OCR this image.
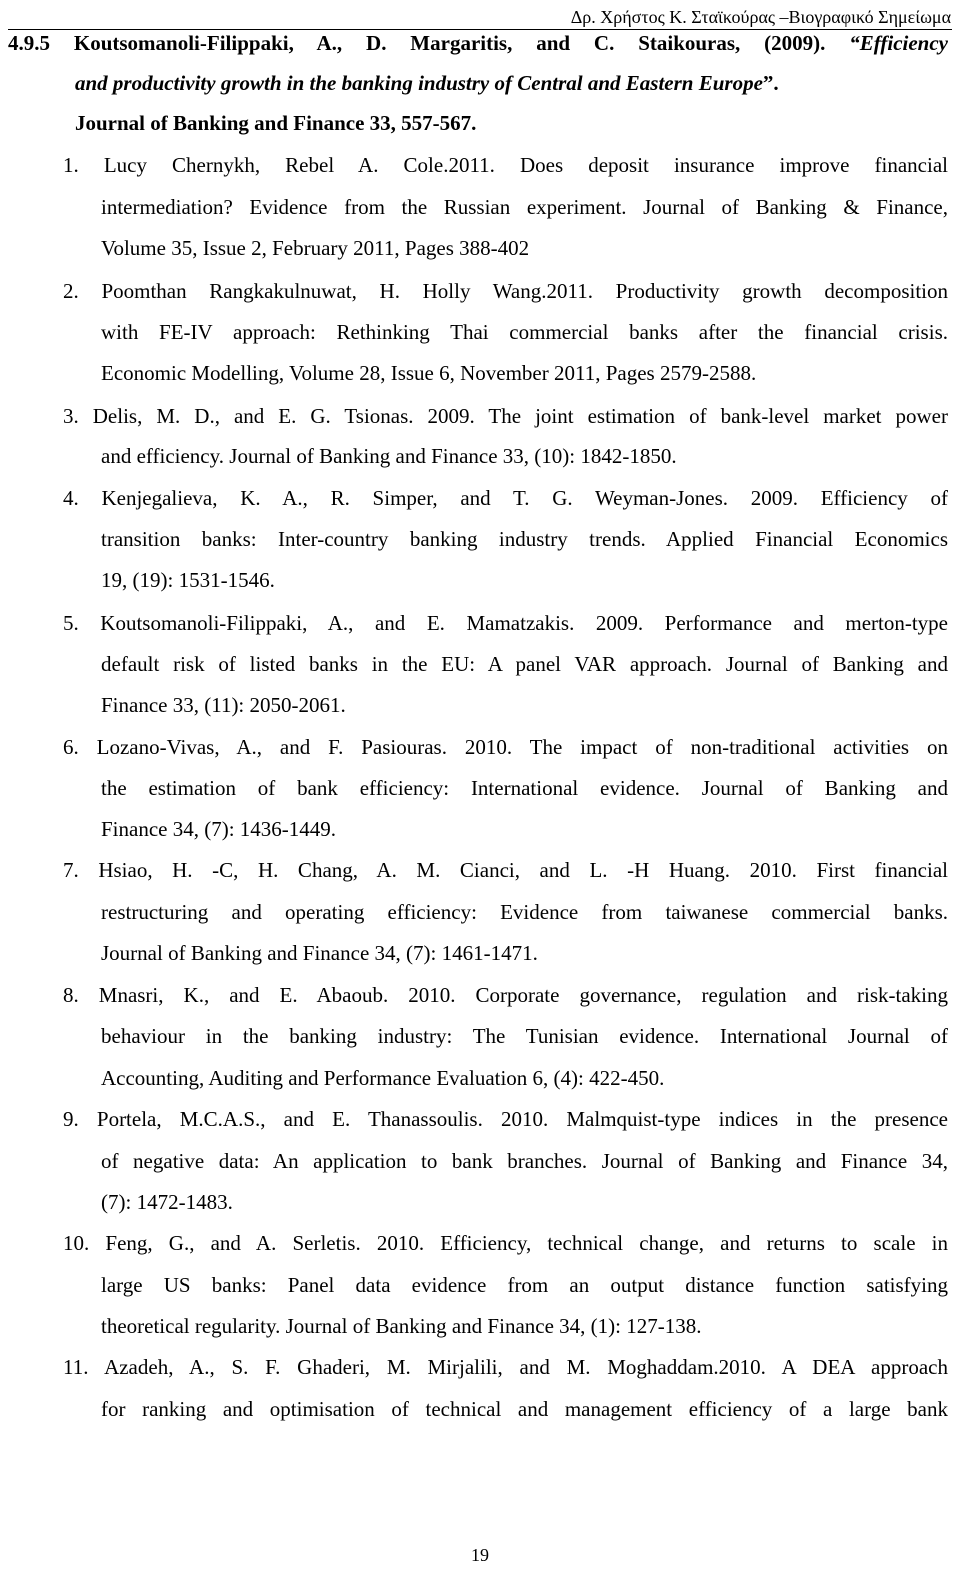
Δρ. Χρήστος Κ. Σταϊκούρας –Βιογραφικό Σημείωμα
4.9.5 Koutsomanoli-Filippaki, A., D. Margaritis, and C. Staikouras, (2009). “Efficiency
and productivity growth in the banking industry of Central and Eastern Europe”.
Journal of Banking and Finance 33, 557-567.
1. Lucy Chernykh, Rebel A. Cole.2011. Does deposit insurance improve financial
intermediation? Evidence from the Russian experiment. Journal of Banking & Finance,
Volume 35, Issue 2, February 2011, Pages 388-402
2. Poomthan Rangkakulnuwat, H. Holly Wang.2011. Productivity growth decomposition
with FE-IV approach: Rethinking Thai commercial banks after the financial crisis.
Economic Modelling, Volume 28, Issue 6, November 2011, Pages 2579-2588.
3. Delis, M. D., and E. G. Tsionas. 2009. The joint estimation of bank-level market power
and efficiency. Journal of Banking and Finance 33, (10): 1842-1850.
4. Kenjegalieva, K. A., R. Simper, and T. G. Weyman-Jones. 2009. Efficiency of
transition banks: Inter-country banking industry trends. Applied Financial Economics
19, (19): 1531-1546.
5. Koutsomanoli-Filippaki, A., and E. Mamatzakis. 2009. Performance and merton-type
default risk of listed banks in the EU: A panel VAR approach. Journal of Banking and
Finance 33, (11): 2050-2061.
6. Lozano-Vivas, A., and F. Pasiouras. 2010. The impact of non-traditional activities on
the estimation of bank efficiency: International evidence. Journal of Banking and
Finance 34, (7): 1436-1449.
7. Hsiao, H. -C, H. Chang, A. M. Cianci, and L. -H Huang. 2010. First financial
restructuring and operating efficiency: Evidence from taiwanese commercial banks.
Journal of Banking and Finance 34, (7): 1461-1471.
8. Mnasri, K., and E. Abaoub. 2010. Corporate governance, regulation and risk-taking
behaviour in the banking industry: The Tunisian evidence. International Journal of
Accounting, Auditing and Performance Evaluation 6, (4): 422-450.
9. Portela, M.C.A.S., and E. Thanassoulis. 2010. Malmquist-type indices in the presence
of negative data: An application to bank branches. Journal of Banking and Finance 34,
(7): 1472-1483.
10. Feng, G., and A. Serletis. 2010. Efficiency, technical change, and returns to scale in
large US banks: Panel data evidence from an output distance function satisfying
theoretical regularity. Journal of Banking and Finance 34, (1): 127-138.
11. Azadeh, A., S. F. Ghaderi, M. Mirjalili, and M. Moghaddam.2010. A DEA approach
for ranking and optimisation of technical and management efficiency of a large bank
19
